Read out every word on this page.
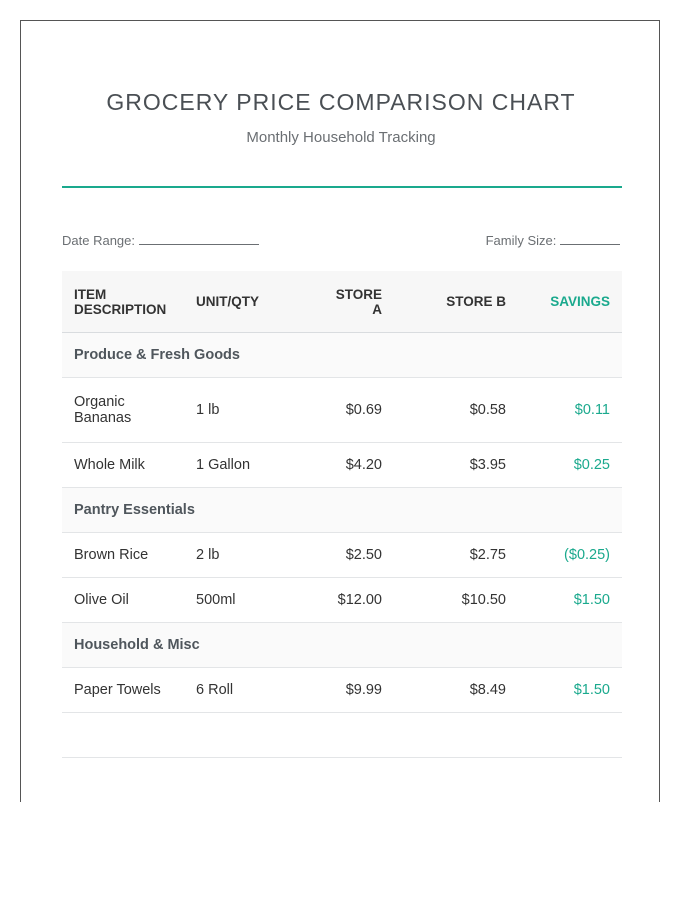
GROCERY PRICE COMPARISON CHART
Monthly Household Tracking
Date Range:	Family Size:
ITEM DESCRIPTION	UNIT/QTY	STORE A	STORE B	SAVINGS
Produce & Fresh Goods
Organic Bananas	1 lb	$0.69	$0.58	$0.11
Whole Milk	1 Gallon	$4.20	$3.95	$0.25
Pantry Essentials
Brown Rice	2 lb	$2.50	$2.75	($0.25)
Olive Oil	500ml	$12.00	$10.50	$1.50
Household & Misc
Paper Towels	6 Roll	$9.99	$8.49	$1.50
